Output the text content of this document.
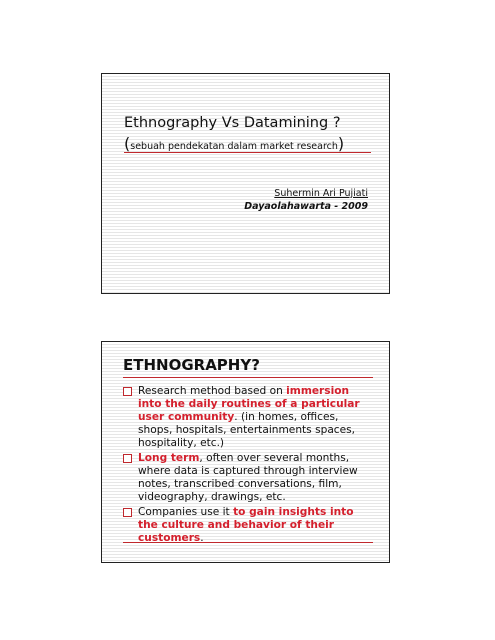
Ethnography Vs Datamining ?
(sebuah pendekatan dalam market research)
Suhermin Ari Pujiati
Dayaolahawarta - 2009
ETHNOGRAPHY?
Research method based on immersion into the daily routines of a particular user community. (in homes, offices, shops, hospitals, entertainments spaces, hospitality, etc.)
Long term, often over several months, where data is captured through interview notes, transcribed conversations, film, videography, drawings, etc.
Companies use it to gain insights into the culture and behavior of their customers.
